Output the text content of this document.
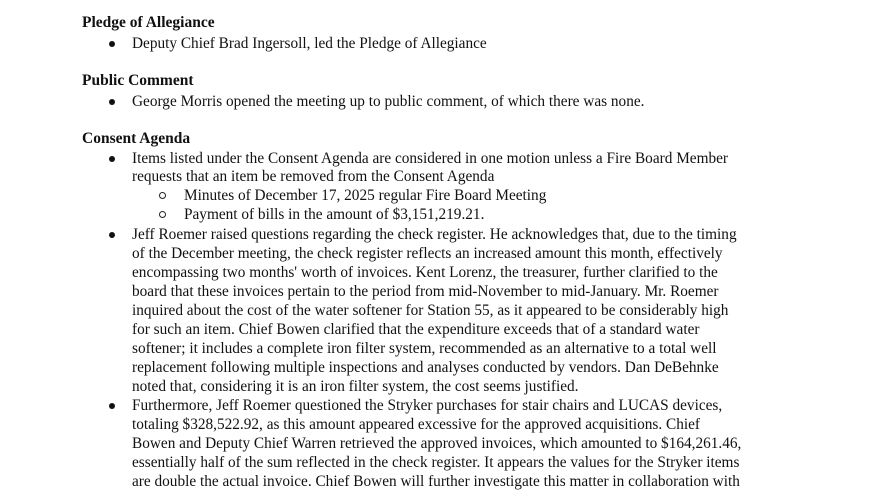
Pledge of Allegiance
Deputy Chief Brad Ingersoll, led the Pledge of Allegiance
Public Comment
George Morris opened the meeting up to public comment, of which there was none.
Consent Agenda
Items listed under the Consent Agenda are considered in one motion unless a Fire Board Member
requests that an item be removed from the Consent Agenda
Minutes of December 17, 2025 regular Fire Board Meeting
Payment of bills in the amount of $3,151,219.21.
Jeff Roemer raised questions regarding the check register. He acknowledges that, due to the timing
of the December meeting, the check register reflects an increased amount this month, effectively
encompassing two months' worth of invoices. Kent Lorenz, the treasurer, further clarified to the
board that these invoices pertain to the period from mid-November to mid-January. Mr. Roemer
inquired about the cost of the water softener for Station 55, as it appeared to be considerably high
for such an item. Chief Bowen clarified that the expenditure exceeds that of a standard water
softener; it includes a complete iron filter system, recommended as an alternative to a total well
replacement following multiple inspections and analyses conducted by vendors. Dan DeBehnke
noted that, considering it is an iron filter system, the cost seems justified.
Furthermore, Jeff Roemer questioned the Stryker purchases for stair chairs and LUCAS devices,
totaling $328,522.92, as this amount appeared excessive for the approved acquisitions. Chief
Bowen and Deputy Chief Warren retrieved the approved invoices, which amounted to $164,261.46,
essentially half of the sum reflected in the check register. It appears the values for the Stryker items
are double the actual invoice. Chief Bowen will further investigate this matter in collaboration with
